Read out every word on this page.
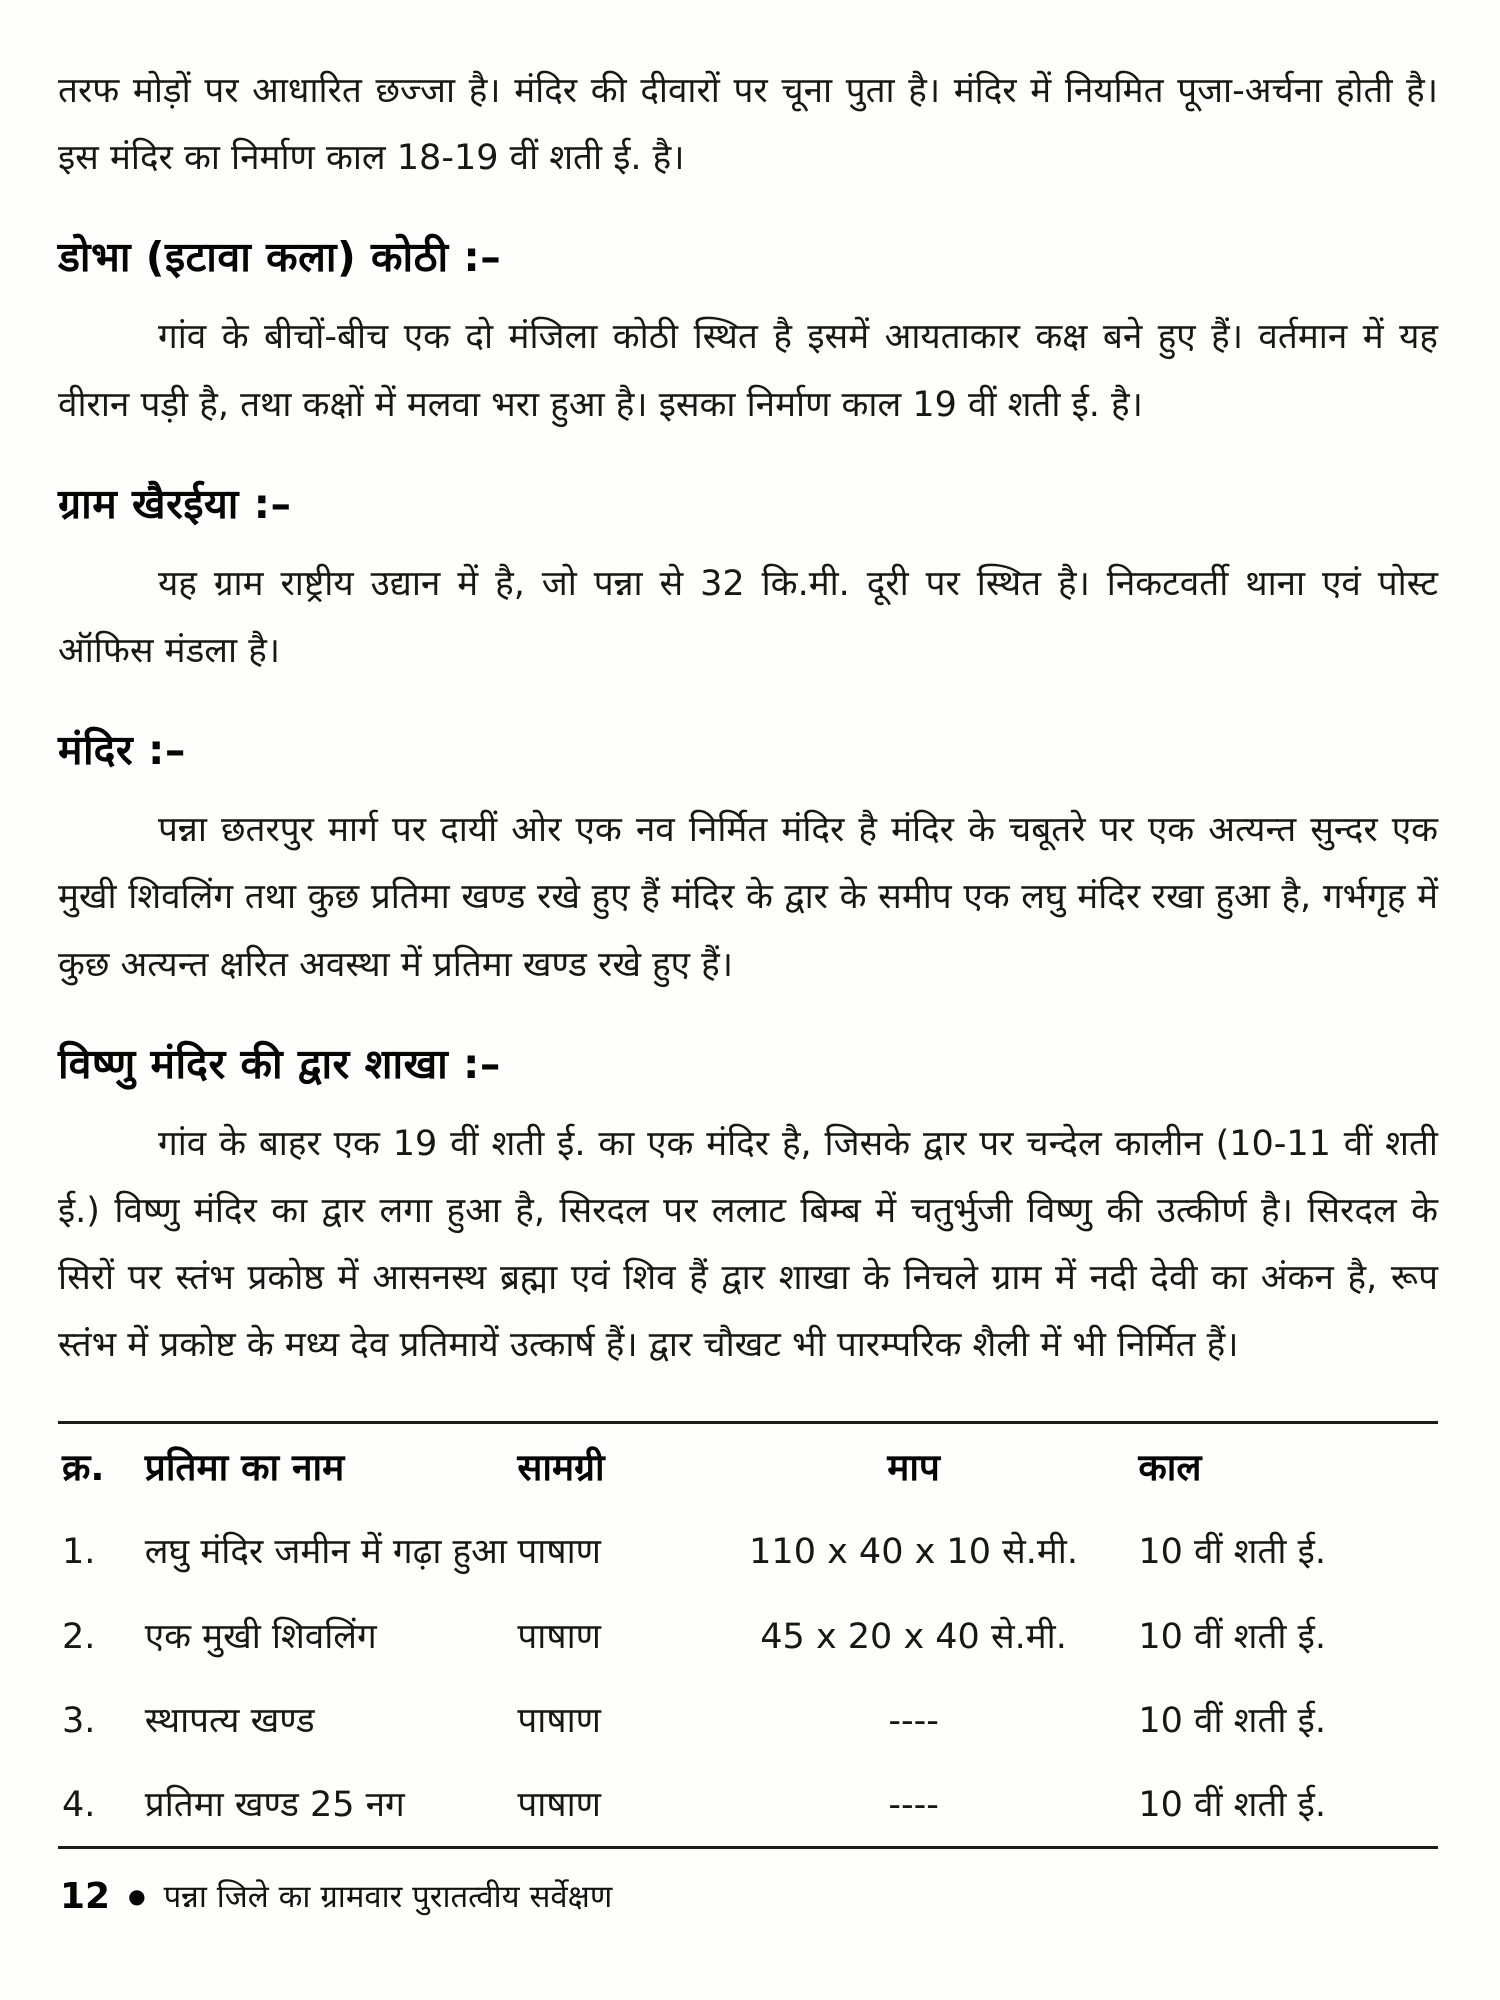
तरफ मोड़ों पर आधारित छज्जा है। मंदिर की दीवारों पर चूना पुता है। मंदिर में नियमित पूजा-अर्चना होती है। इस मंदिर का निर्माण काल 18-19 वीं शती ई. है।

डोभा (इटावा कला) कोठी :–

गांव के बीचों-बीच एक दो मंजिला कोठी स्थित है इसमें आयताकार कक्ष बने हुए हैं। वर्तमान में यह वीरान पड़ी है, तथा कक्षों में मलवा भरा हुआ है। इसका निर्माण काल 19 वीं शती ई. है।

ग्राम खैरईया :–

यह ग्राम राष्ट्रीय उद्यान में है, जो पन्ना से 32 कि.मी. दूरी पर स्थित है। निकटवर्ती थाना एवं पोस्ट ऑफिस मंडला है।

मंदिर :–

पन्ना छतरपुर मार्ग पर दायीं ओर एक नव निर्मित मंदिर है मंदिर के चबूतरे पर एक अत्यन्त सुन्दर एक मुखी शिवलिंग तथा कुछ प्रतिमा खण्ड रखे हुए हैं मंदिर के द्वार के समीप एक लघु मंदिर रखा हुआ है, गर्भगृह में कुछ अत्यन्त क्षरित अवस्था में प्रतिमा खण्ड रखे हुए हैं।

विष्णु मंदिर की द्वार शाखा :–

गांव के बाहर एक 19 वीं शती ई. का एक मंदिर है, जिसके द्वार पर चन्देल कालीन (10-11 वीं शती ई.) विष्णु मंदिर का द्वार लगा हुआ है, सिरदल पर ललाट बिम्ब में चतुर्भुजी विष्णु की उत्कीर्ण है। सिरदल के सिरों पर स्तंभ प्रकोष्ठ में आसनस्थ ब्रह्मा एवं शिव हैं द्वार शाखा के निचले ग्राम में नदी देवी का अंकन है, रूप स्तंभ में प्रकोष्ट के मध्य देव प्रतिमायें उत्कार्ष हैं। द्वार चौखट भी पारम्परिक शैली में भी निर्मित हैं।

क्र.	प्रतिमा का नाम	सामग्री	माप	काल
1.	लघु मंदिर जमीन में गढ़ा हुआ	पाषाण	110 x 40 x 10 से.मी.	10 वीं शती ई.
2.	एक मुखी शिवलिंग	पाषाण	45 x 20 x 40 से.मी.	10 वीं शती ई.
3.	स्थापत्य खण्ड	पाषाण	----	10 वीं शती ई.
4.	प्रतिमा खण्ड 25 नग	पाषाण	----	10 वीं शती ई.
12 ● पन्ना जिले का ग्रामवार पुरातत्वीय सर्वेक्षण
